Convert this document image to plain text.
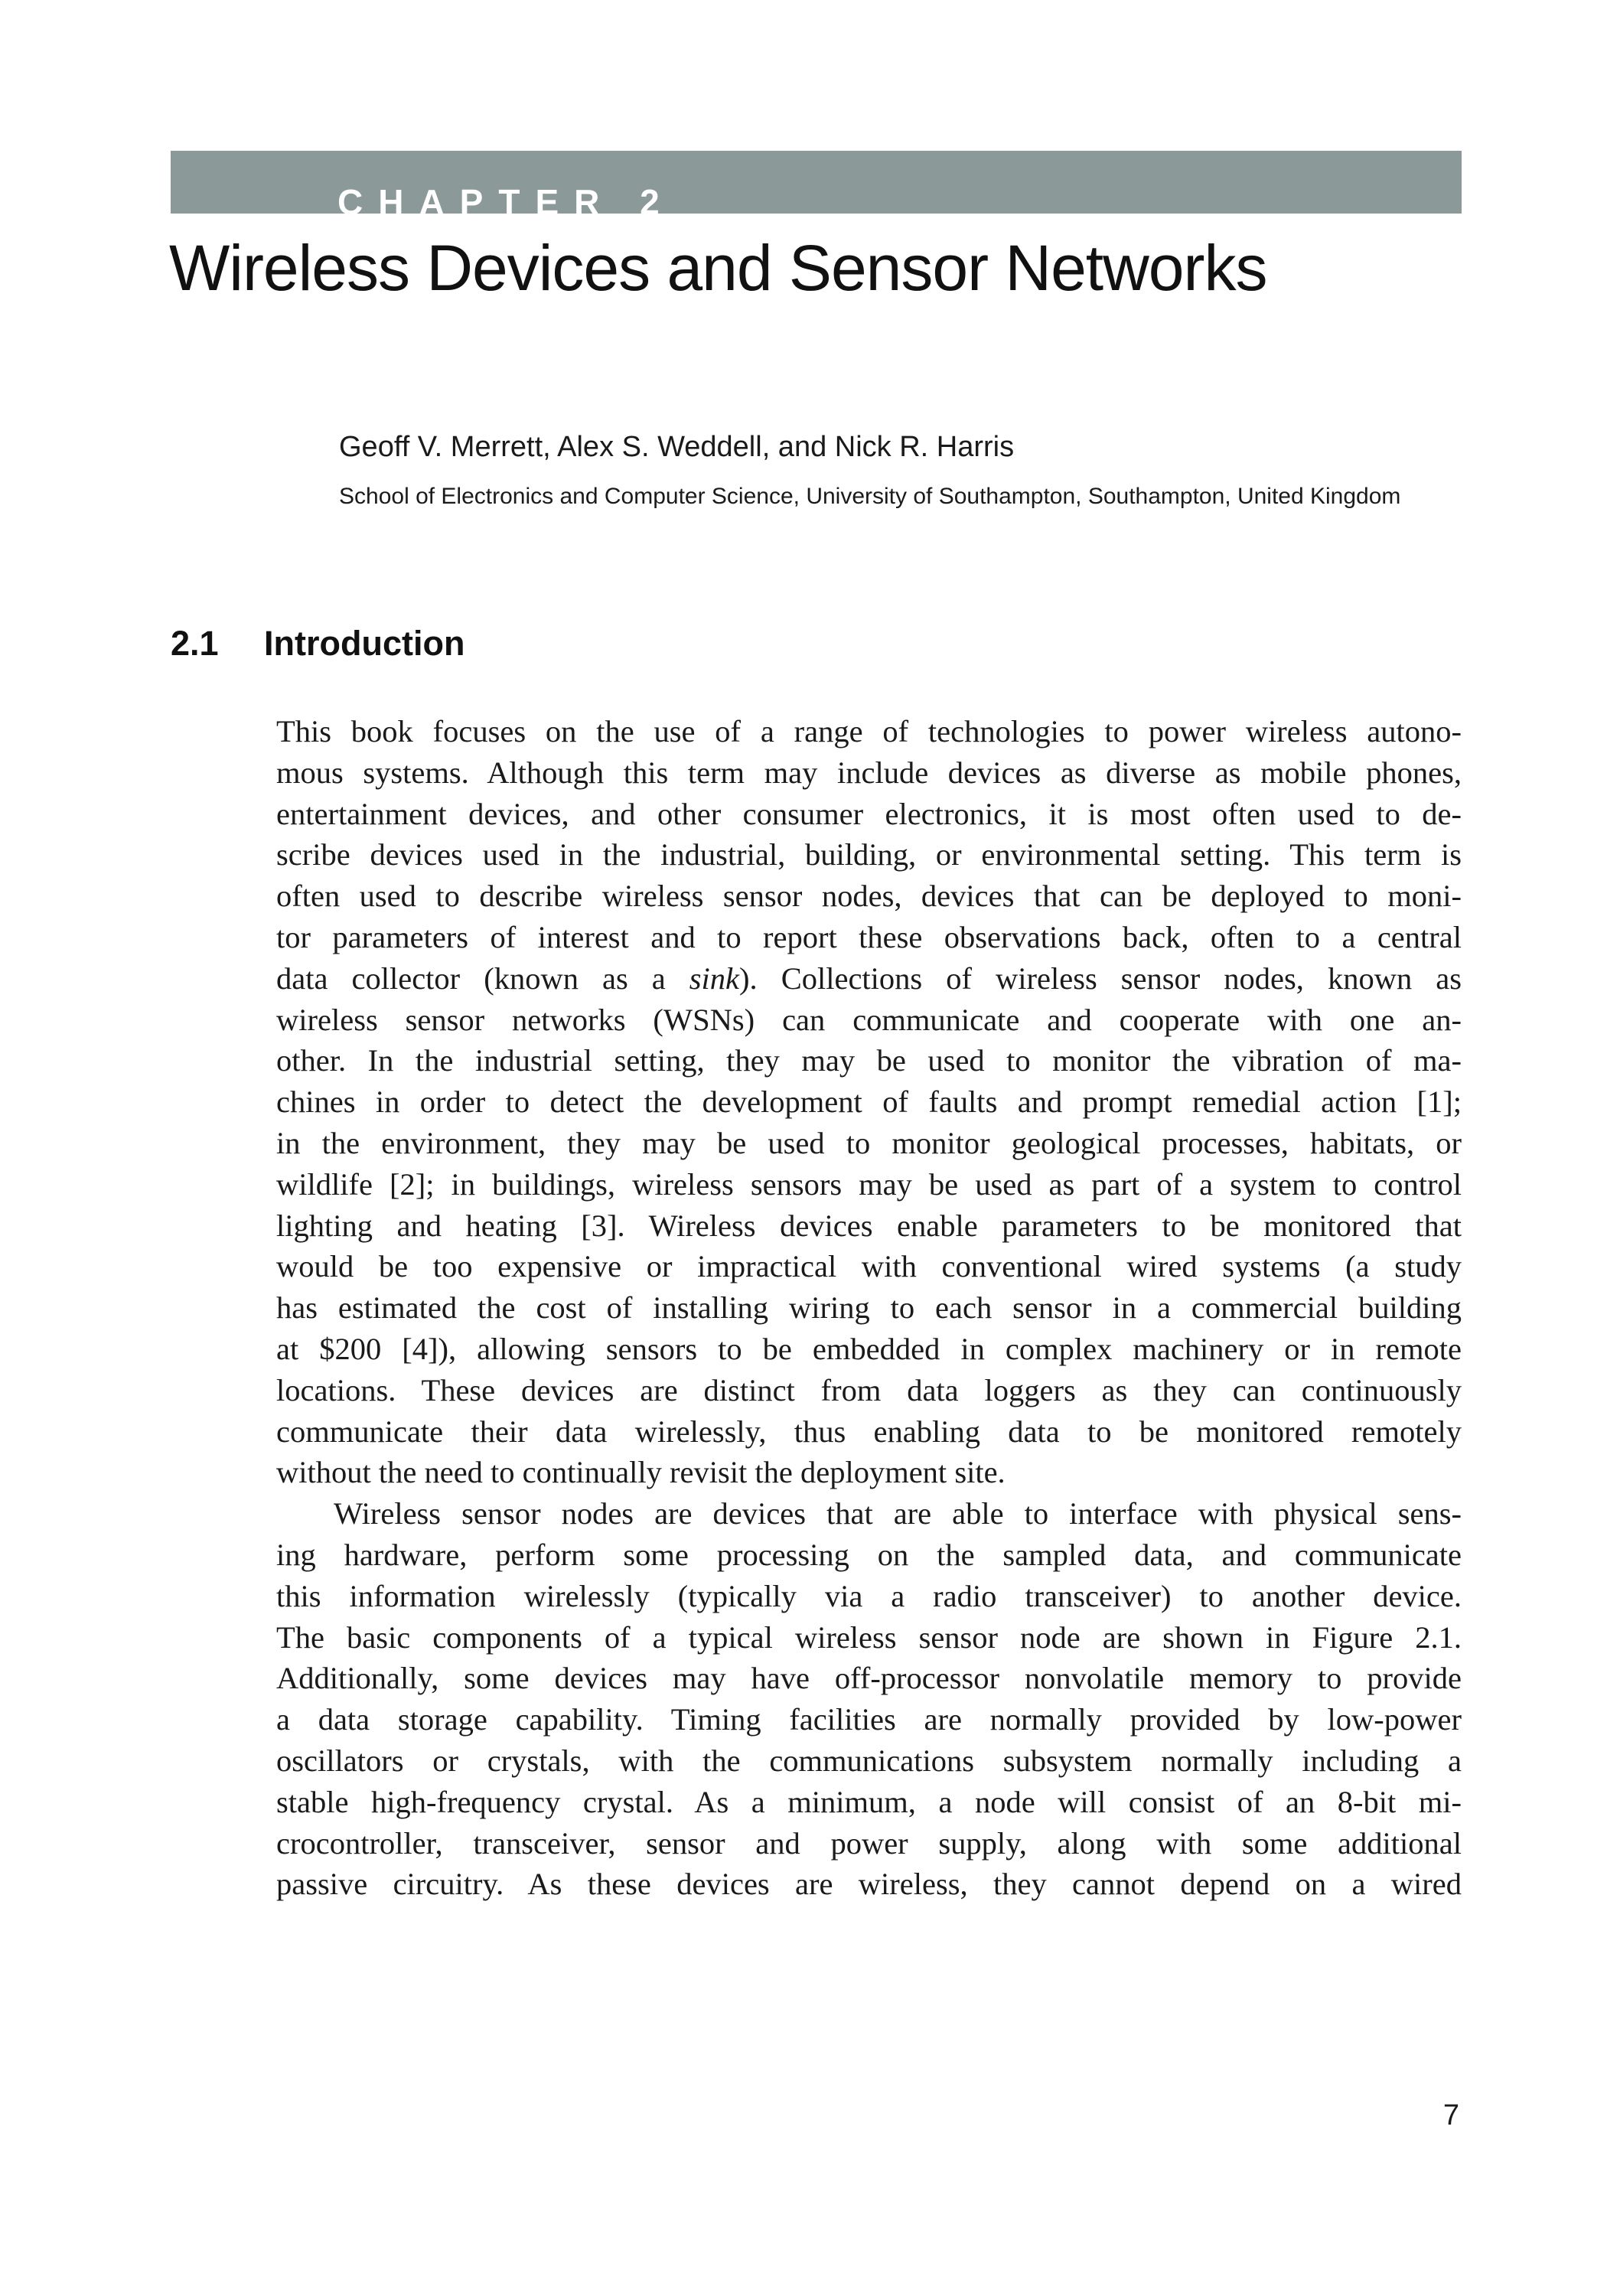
CHAPTER 2
Wireless Devices and Sensor Networks

Geoff V. Merrett, Alex S. Weddell, and Nick R. Harris

School of Electronics and Computer Science, University of Southampton, Southampton, United Kingdom

2.1 Introduction

This book focuses on the use of a range of technologies to power wireless autono-
mous systems. Although this term may include devices as diverse as mobile phones,
entertainment devices, and other consumer electronics, it is most often used to de-
scribe devices used in the industrial, building, or environmental setting. This term is
often used to describe wireless sensor nodes, devices that can be deployed to moni-
tor parameters of interest and to report these observations back, often to a central
data collector (known as a sink). Collections of wireless sensor nodes, known as
wireless sensor networks (WSNs) can communicate and cooperate with one an-
other. In the industrial setting, they may be used to monitor the vibration of ma-
chines in order to detect the development of faults and prompt remedial action [1];
in the environment, they may be used to monitor geological processes, habitats, or
wildlife [2]; in buildings, wireless sensors may be used as part of a system to control
lighting and heating [3]. Wireless devices enable parameters to be monitored that
would be too expensive or impractical with conventional wired systems (a study
has estimated the cost of installing wiring to each sensor in a commercial building
at $200 [4]), allowing sensors to be embedded in complex machinery or in remote
locations. These devices are distinct from data loggers as they can continuously
communicate their data wirelessly, thus enabling data to be monitored remotely
without the need to continually revisit the deployment site.

Wireless sensor nodes are devices that are able to interface with physical sens-
ing hardware, perform some processing on the sampled data, and communicate
this information wirelessly (typically via a radio transceiver) to another device.
The basic components of a typical wireless sensor node are shown in Figure 2.1.
Additionally, some devices may have off-processor nonvolatile memory to provide
a data storage capability. Timing facilities are normally provided by low-power
oscillators or crystals, with the communications subsystem normally including a
stable high-frequency crystal. As a minimum, a node will consist of an 8-bit mi-
crocontroller, transceiver, sensor and power supply, along with some additional
passive circuitry. As these devices are wireless, they cannot depend on a wired

7
